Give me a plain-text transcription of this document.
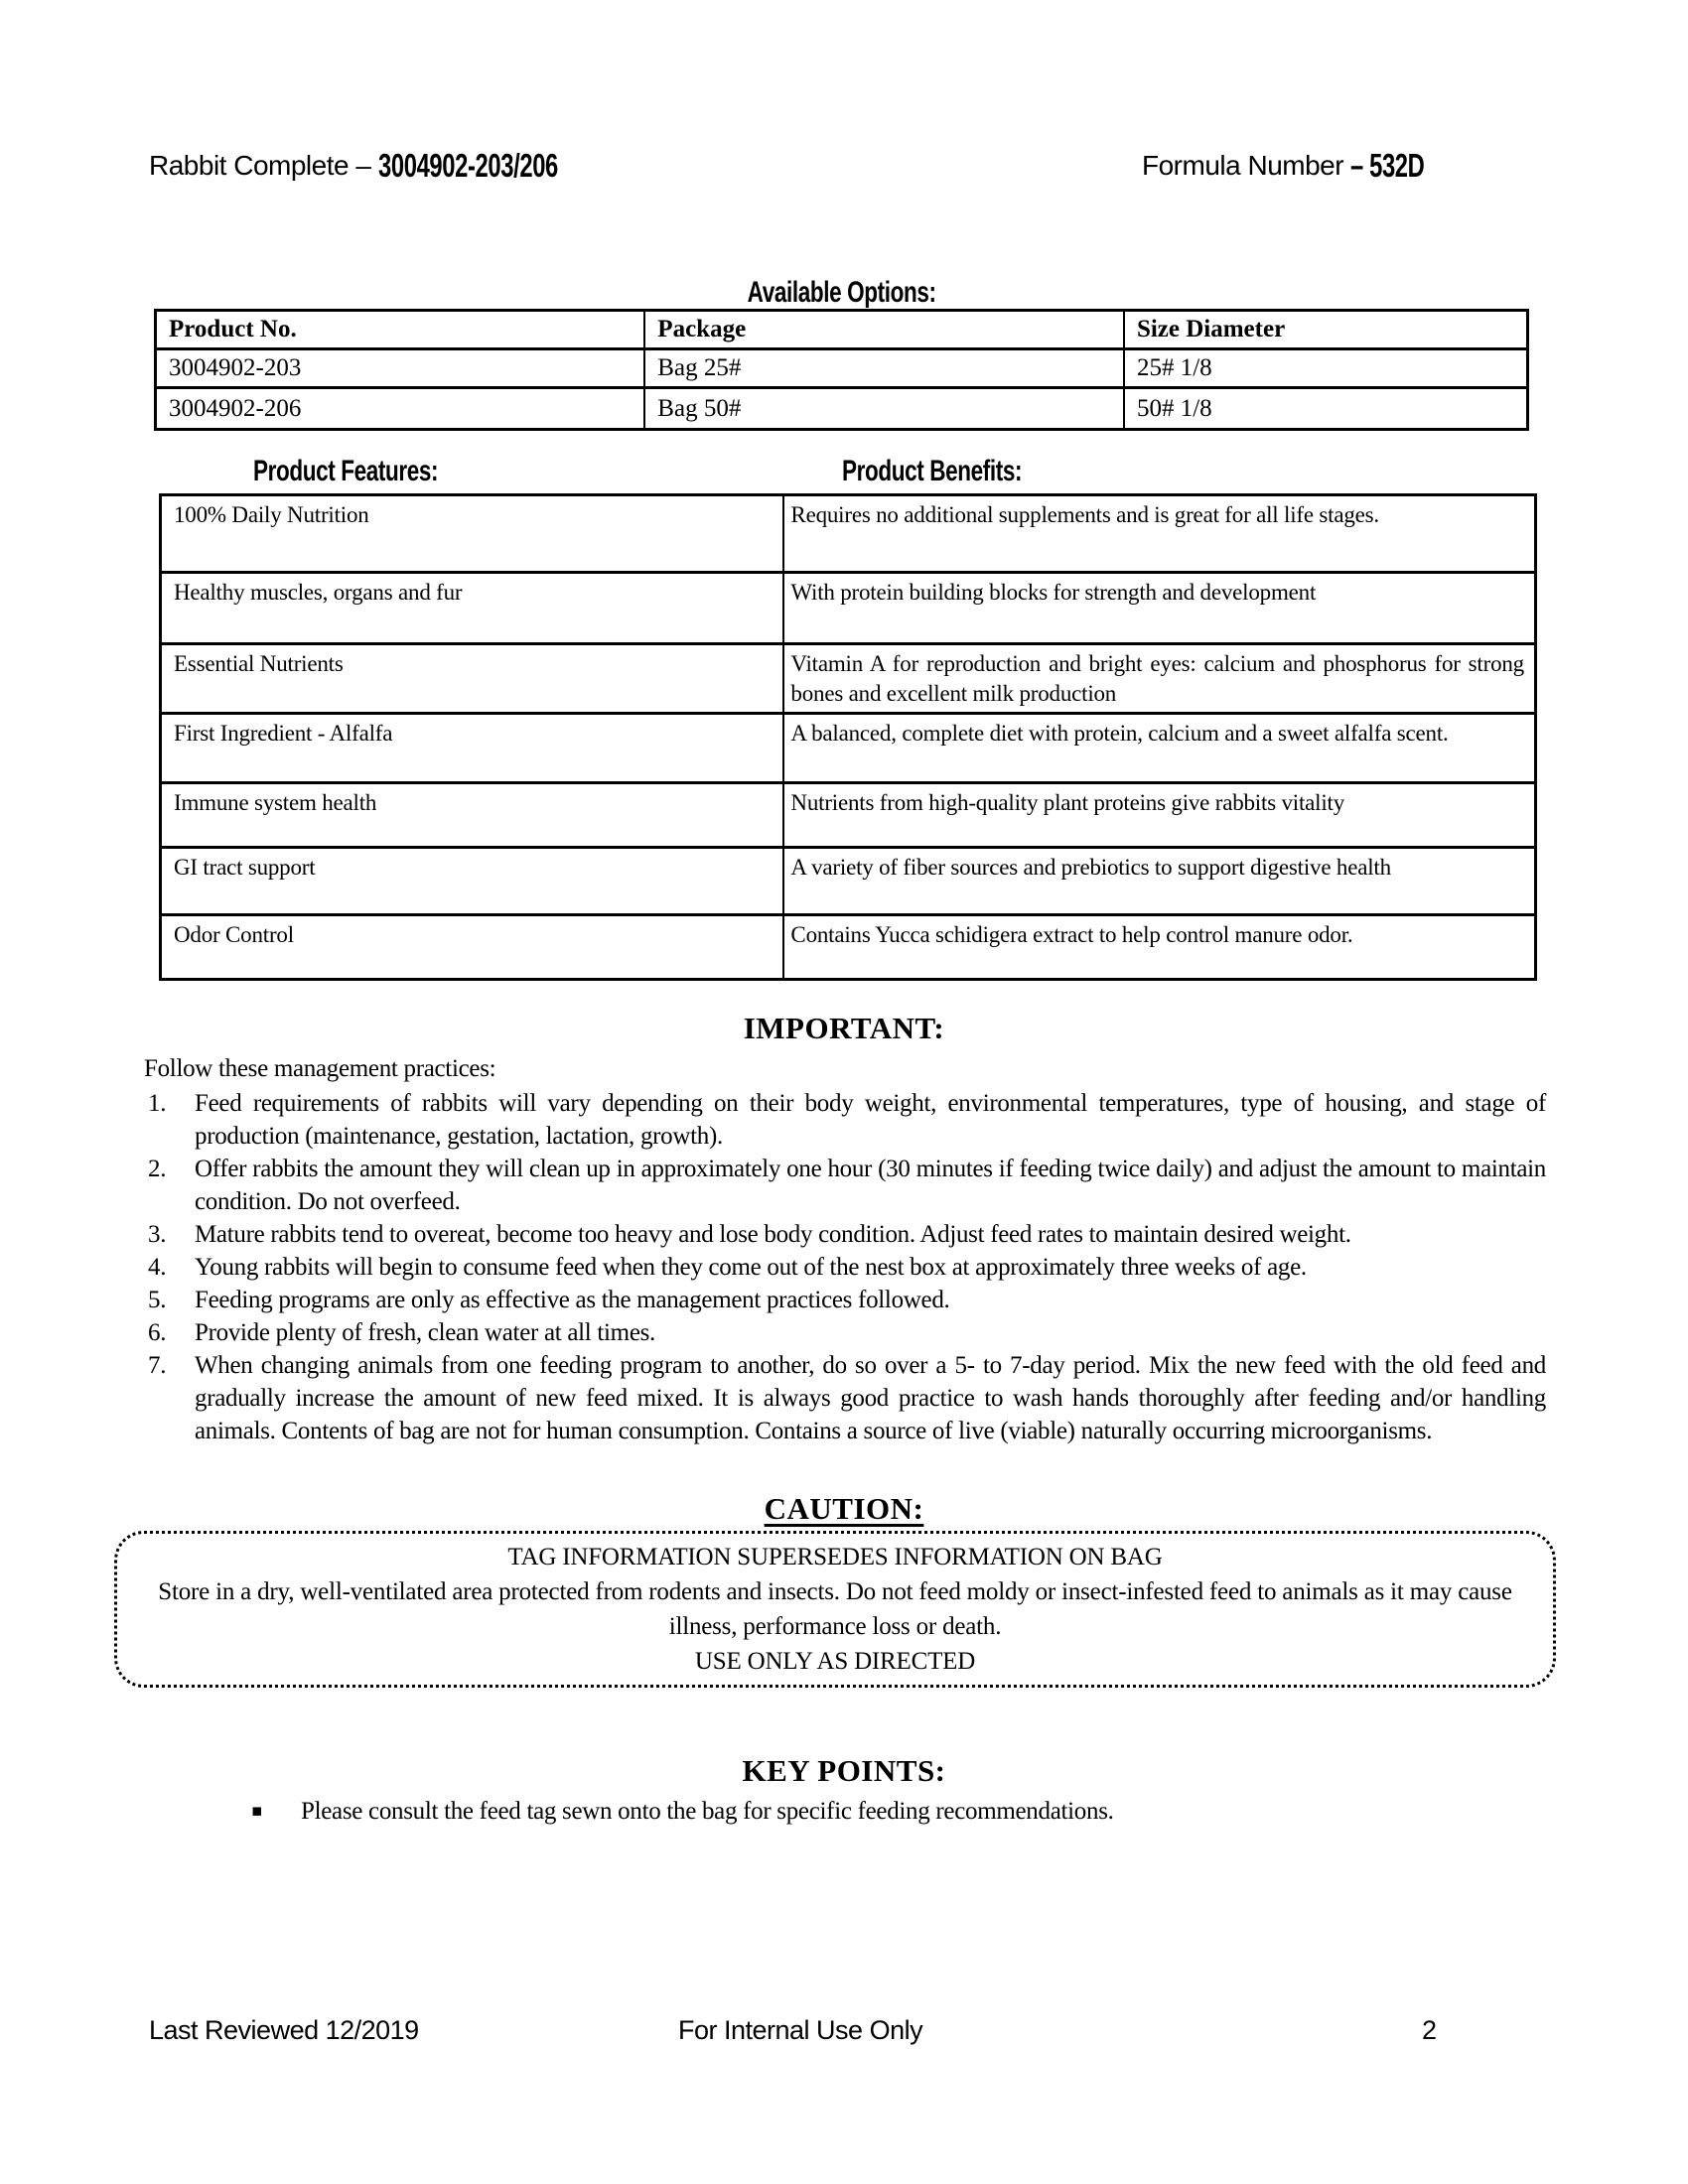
Rabbit Complete – 3004902-203/206	Formula Number – 532D
Available Options:
Product No.	Package	Size Diameter
3004902-203	Bag 25#	25# 1/8
3004902-206	Bag 50#	50# 1/8
Product Features:	Product Benefits:
100% Daily Nutrition	Requires no additional supplements and is great for all life stages.
Healthy muscles, organs and fur	With protein building blocks for strength and development
Essential Nutrients	Vitamin A for reproduction and bright eyes: calcium and phosphorus for strong bones and excellent milk production
First Ingredient - Alfalfa	A balanced, complete diet with protein, calcium and a sweet alfalfa scent.
Immune system health	Nutrients from high-quality plant proteins give rabbits vitality
GI tract support	A variety of fiber sources and prebiotics to support digestive health
Odor Control	Contains Yucca schidigera extract to help control manure odor.
IMPORTANT:
Follow these management practices:
1.	Feed requirements of rabbits will vary depending on their body weight, environmental temperatures, type of housing, and stage of production (maintenance, gestation, lactation, growth).
2.	Offer rabbits the amount they will clean up in approximately one hour (30 minutes if feeding twice daily) and adjust the amount to maintain condition. Do not overfeed.
3.	Mature rabbits tend to overeat, become too heavy and lose body condition. Adjust feed rates to maintain desired weight.
4.	Young rabbits will begin to consume feed when they come out of the nest box at approximately three weeks of age.
5.	Feeding programs are only as effective as the management practices followed.
6.	Provide plenty of fresh, clean water at all times.
7.	When changing animals from one feeding program to another, do so over a 5- to 7-day period. Mix the new feed with the old feed and gradually increase the amount of new feed mixed. It is always good practice to wash hands thoroughly after feeding and/or handling animals. Contents of bag are not for human consumption. Contains a source of live (viable) naturally occurring microorganisms.
CAUTION:
TAG INFORMATION SUPERSEDES INFORMATION ON BAG
Store in a dry, well-ventilated area protected from rodents and insects. Do not feed moldy or insect-infested feed to animals as it may cause illness, performance loss or death.
USE ONLY AS DIRECTED
KEY POINTS:
▪	Please consult the feed tag sewn onto the bag for specific feeding recommendations.
Last Reviewed 12/2019	For Internal Use Only	2
